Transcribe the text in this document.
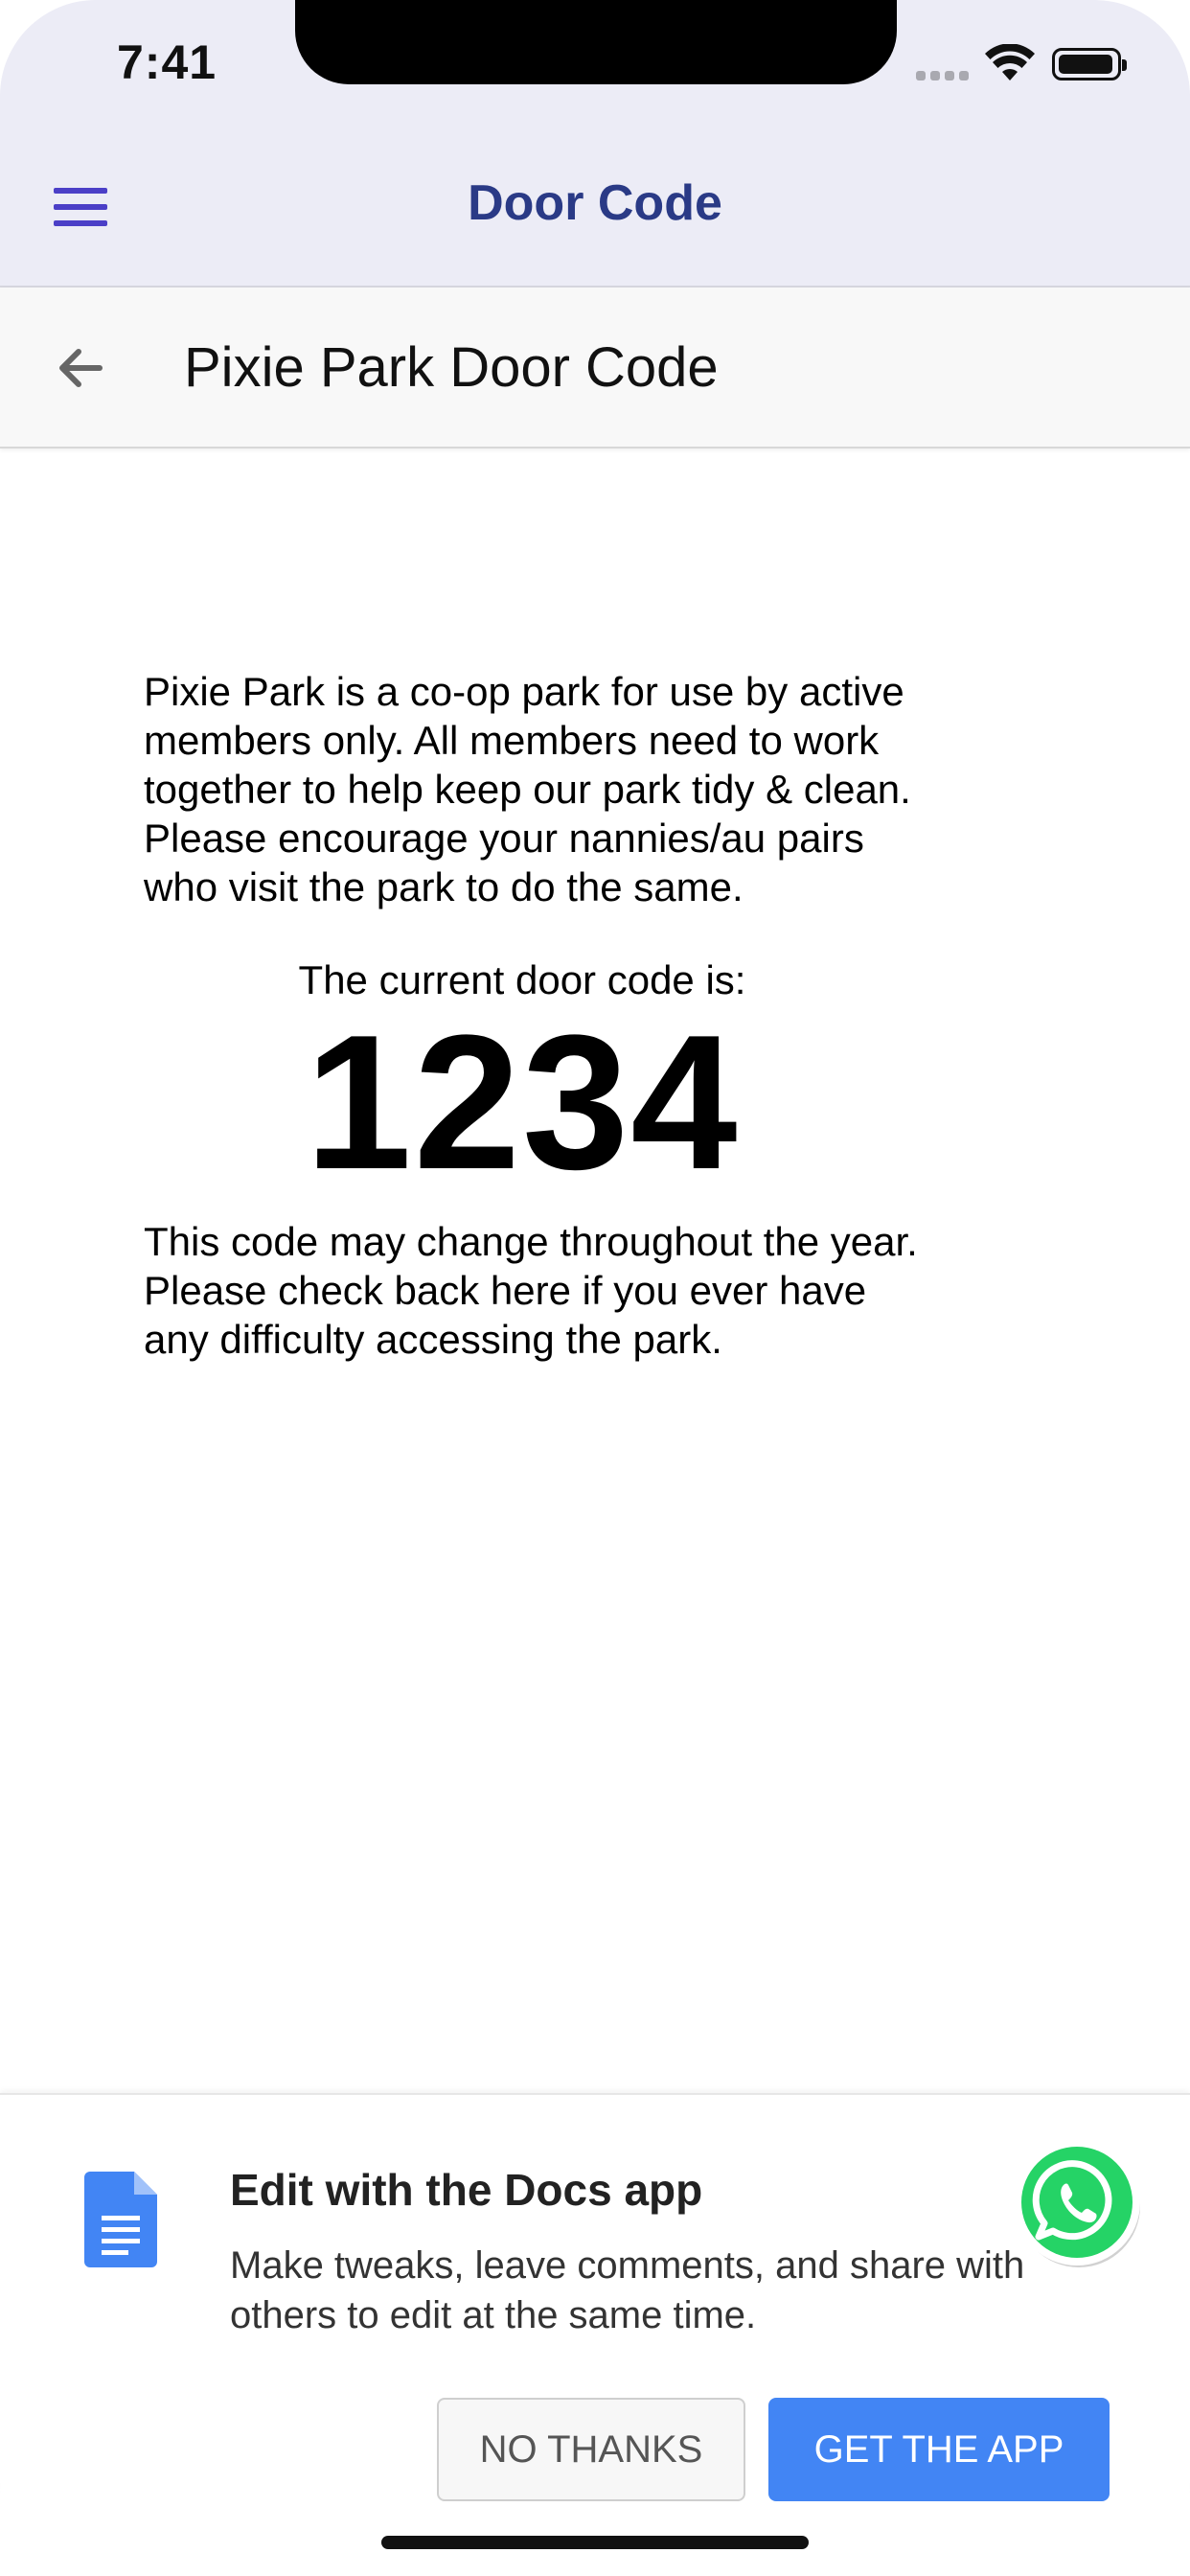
7:41
Door Code
Pixie Park Door Code

Pixie Park is a co-op park for use by active members only. All members need to work together to help keep our park tidy & clean. Please encourage your nannies/au pairs who visit the park to do the same.

The current door code is:
1234

This code may change throughout the year. Please check back here if you ever have any difficulty accessing the park.

Edit with the Docs app
Make tweaks, leave comments, and share with others to edit at the same time.
NO THANKS	GET THE APP
